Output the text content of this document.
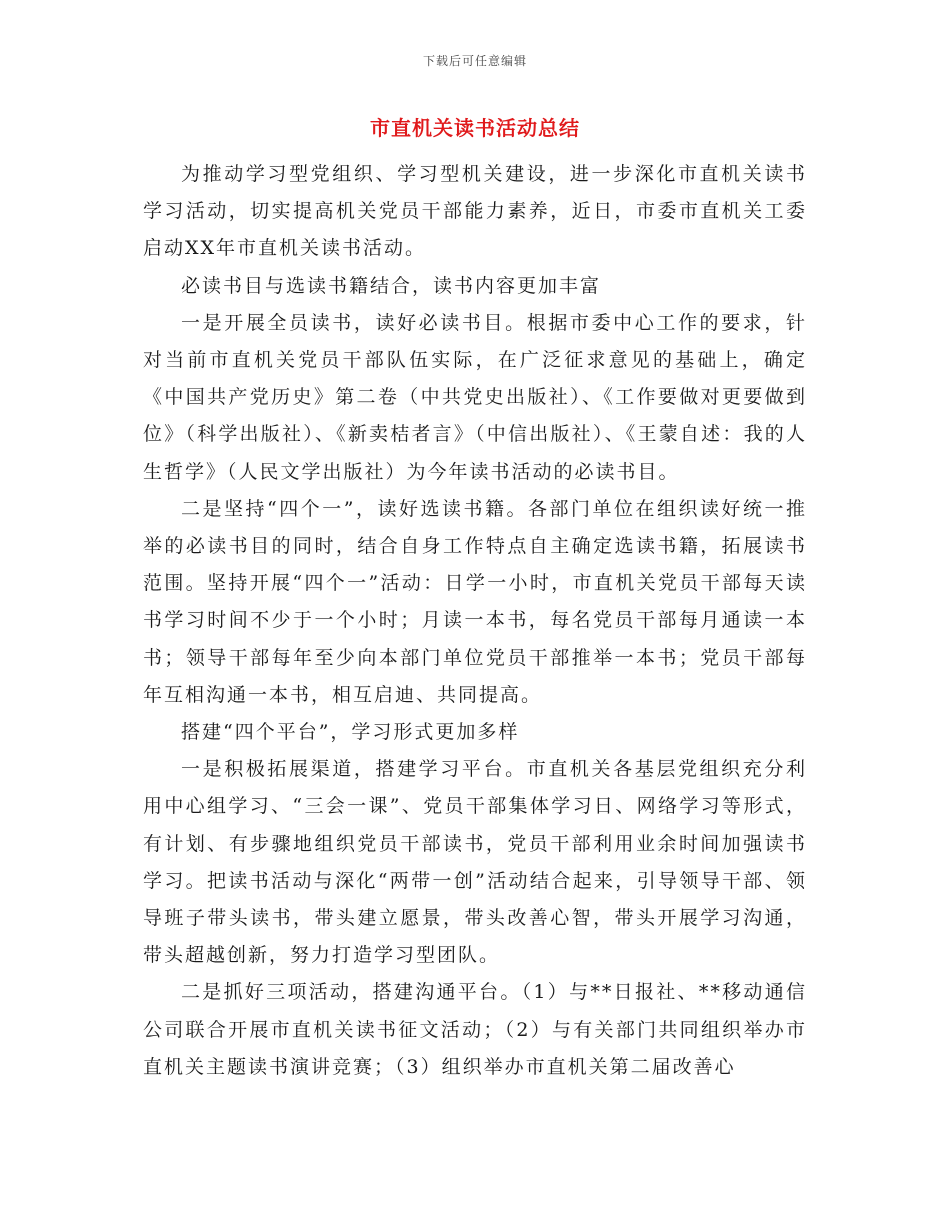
下载后可任意编辑
市直机关读书活动总结

为推动学习型党组织、学习型机关建设，进一步深化市直机关读书学习活动，切实提高机关党员干部能力素养，近日，市委市直机关工委启动XX年市直机关读书活动。

必读书目与选读书籍结合，读书内容更加丰富

一是开展全员读书，读好必读书目。根据市委中心工作的要求，针对当前市直机关党员干部队伍实际，在广泛征求意见的基础上，确定《中国共产党历史》第二卷（中共党史出版社）、《工作要做对更要做到位》（科学出版社）、《新卖桔者言》（中信出版社）、《王蒙自述：我的人生哲学》（人民文学出版社）为今年读书活动的必读书目。

二是坚持“四个一”，读好选读书籍。各部门单位在组织读好统一推举的必读书目的同时，结合自身工作特点自主确定选读书籍，拓展读书范围。坚持开展“四个一”活动：日学一小时，市直机关党员干部每天读书学习时间不少于一个小时；月读一本书，每名党员干部每月通读一本书；领导干部每年至少向本部门单位党员干部推举一本书；党员干部每年互相沟通一本书，相互启迪、共同提高。

搭建“四个平台”，学习形式更加多样

一是积极拓展渠道，搭建学习平台。市直机关各基层党组织充分利用中心组学习、“三会一课”、党员干部集体学习日、网络学习等形式，有计划、有步骤地组织党员干部读书，党员干部利用业余时间加强读书学习。把读书活动与深化“两带一创”活动结合起来，引导领导干部、领导班子带头读书，带头建立愿景，带头改善心智，带头开展学习沟通，带头超越创新，努力打造学习型团队。

二是抓好三项活动，搭建沟通平台。（1）与**日报社、**移动通信公司联合开展市直机关读书征文活动；（2）与有关部门共同组织举办市直机关主题读书演讲竞赛；（3）组织举办市直机关第二届改善心
